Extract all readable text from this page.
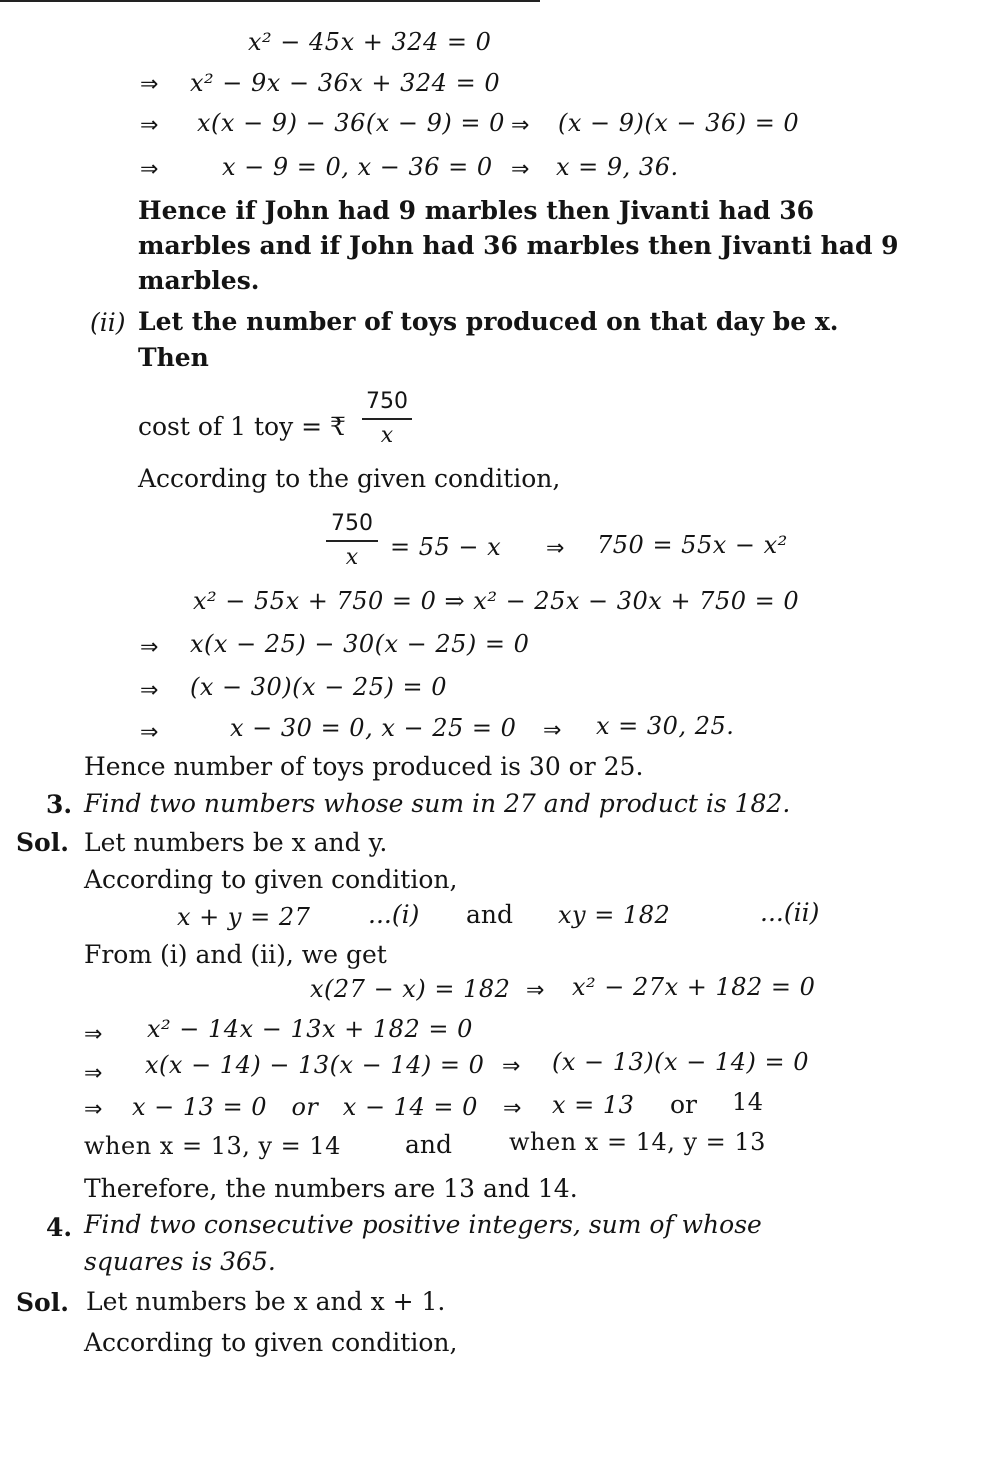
x² − 45x + 324 = 0
⇒ x² − 9x − 36x + 324 = 0
⇒ x(x − 9) − 36(x − 9) = 0 ⇒ (x − 9)(x − 36) = 0
⇒	x − 9 = 0, x − 36 = 0 ⇒ x = 9, 36.
Hence if John had 9 marbles then Jivanti had 36
marbles and if John had 36 marbles then Jivanti had 9
marbles.
(ii) Let the number of toys produced on that day be x.
Then
cost of 1 toy = ₹
750
x
According to the given condition,
750
x	= 55 − x ⇒ 750 = 55x − x²
x² − 55x + 750 = 0 ⇒ x² − 25x − 30x + 750 = 0
⇒ x(x − 25) − 30(x − 25) = 0
⇒ (x − 30)(x − 25) = 0
⇒	x − 30 = 0, x − 25 = 0 ⇒ x = 30, 25.
Hence number of toys produced is 30 or 25.
3. Find two numbers whose sum in 27 and product is 182.
Sol. Let numbers be x and y.
According to given condition,
x + y = 27 ...(i) and xy = 182	...(ii)
From (i) and (ii), we get
x(27 − x) = 182 ⇒ x² − 27x + 182 = 0
⇒ x² − 14x − 13x + 182 = 0
⇒ x(x − 14) − 13(x − 14) = 0 ⇒ (x − 13)(x − 14) = 0
⇒ x − 13 = 0   or   x − 14 = 0 ⇒ x = 13 or 14
when x = 13, y = 14	and when x = 14, y = 13
Therefore, the numbers are 13 and 14.
4. Find two consecutive positive integers, sum of whose
squares is 365.
Sol. Let numbers be x and x + 1.
According to given condition,
